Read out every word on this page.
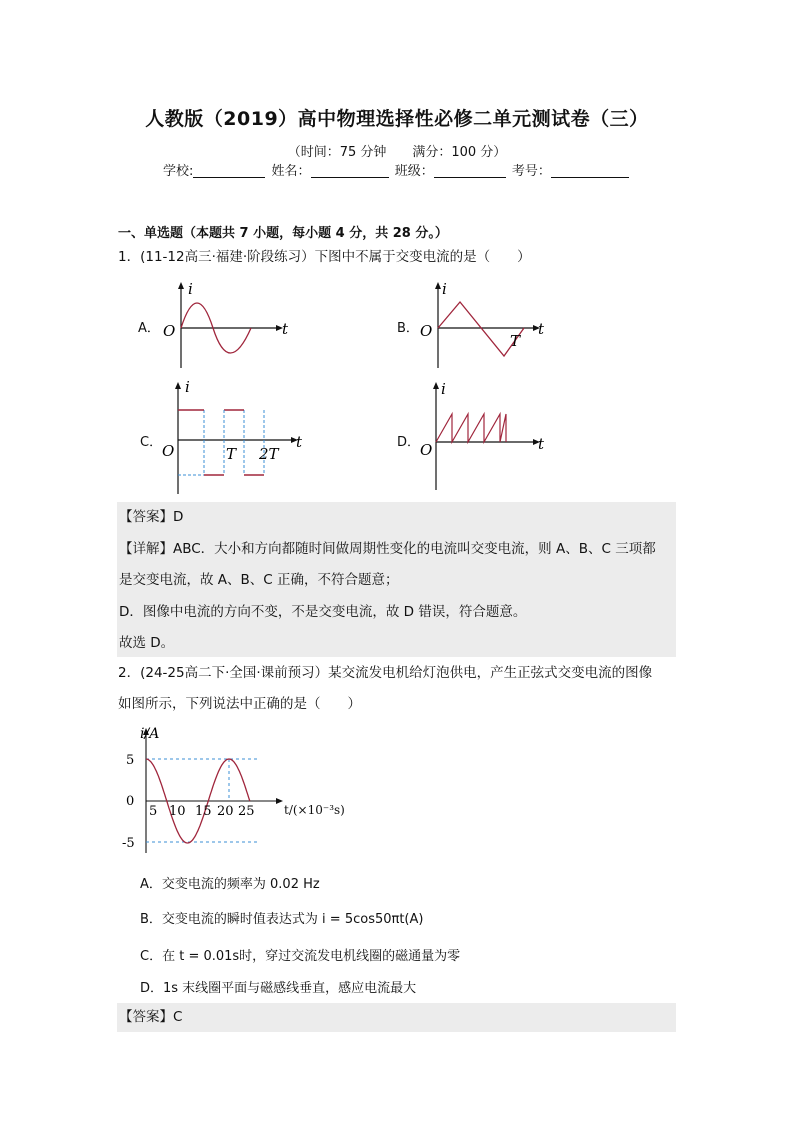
人教版（2019）高中物理选择性必修二单元测试卷（三）
（时间：75 分钟　　满分：100 分）
学校:	姓名：	班级：	考号：
一、单选题（本题共 7 小题，每小题 4 分，共 28 分。）
1．(11-12高三·福建·阶段练习）下图中不属于交变电流的是（　　）
A．
i
t
O	B．
i
t
O
T
C．
i
t
O	T 2T
D．
i
t
O

【答案】D

【详解】ABC．大小和方向都随时间做周期性变化的电流叫交变电流，则 A、B、C 三项都

是交变电流，故 A、B、C 正确，不符合题意；

D．图像中电流的方向不变，不是交变电流，故 D 错误，符合题意。

故选 D。

2．(24-25高二下·全国·课前预习）某交流发电机给灯泡供电，产生正弦式交变电流的图像
如图所示，下列说法中正确的是（　　）
i/A
5
0
-5
5 10 15 20 25 t/(×10⁻³s)
A．交变电流的频率为 0.02 Hz
B．交变电流的瞬时值表达式为 i = 5cos50πt(A)
C．在 t = 0.01s时，穿过交流发电机线圈的磁通量为零
D．1s 末线圈平面与磁感线垂直，感应电流最大

【答案】C
